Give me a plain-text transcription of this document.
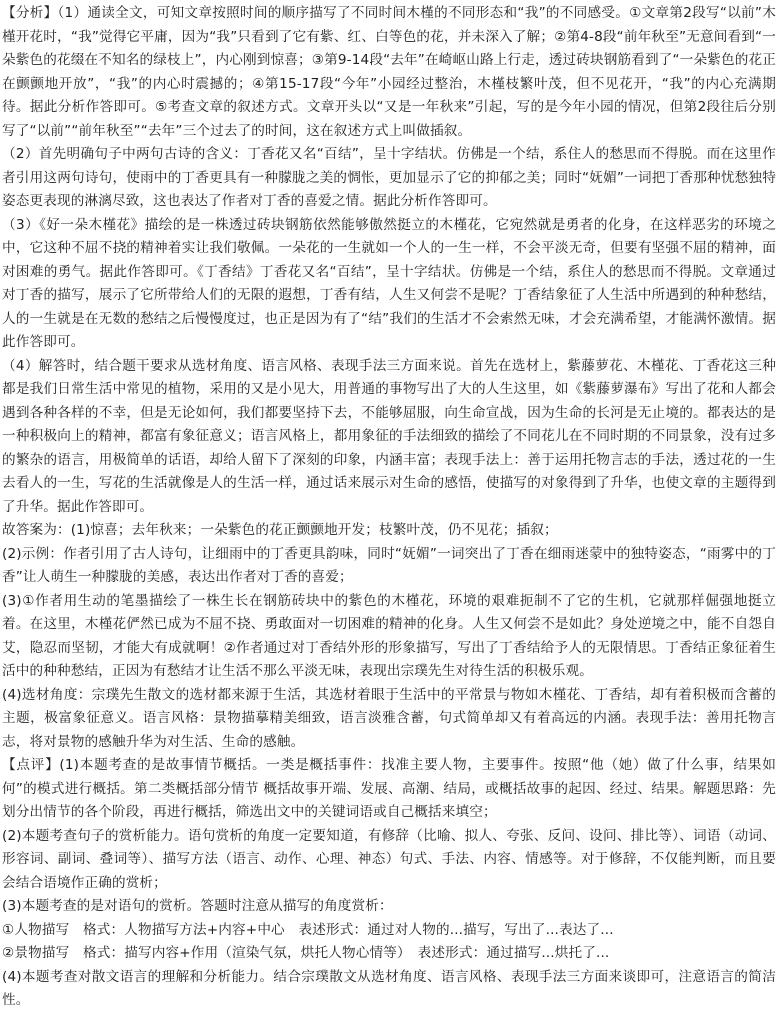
【分析】（1）通读全文，可知文章按照时间的顺序描写了不同时间木槿的不同形态和“我”的不同感受。①文章第2段写“以前”木槿开花时，“我”觉得它平庸，因为“我”只看到了它有紫、红、白等色的花，并未深入了解；②第4-8段“前年秋至”无意间看到“一朵紫色的花缀在不知名的绿枝上”，内心刚到惊喜；③第9-14段“去年”在崎岖山路上行走，透过砖块钢筋看到了“一朵紫色的花正在颤颤地开放”，“我”的内心时震撼的；④第15-17段“今年”小园经过整治，木槿枝繁叶茂，但不见花开，“我”的内心充满期待。据此分析作答即可。⑤考查文章的叙述方式。文章开头以“又是一年秋来”引起，写的是今年小园的情况，但第2段往后分别写了“以前”“前年秋至”“去年”三个过去了的时间，这在叙述方式上叫做插叙。

（2）首先明确句子中两句古诗的含义：丁香花又名“百结”，呈十字结状。仿佛是一个结，系住人的愁思而不得脱。而在这里作者引用这两句诗句，使雨中的丁香更具有一种朦胧之美的惆怅，更加显示了它的抑郁之美；同时“妩媚”一词把丁香那种忧愁独特姿态更表现的淋漓尽致，这也表达了作者对丁香的喜爱之情。据此分析作答即可。

（3）《好一朵木槿花》描绘的是一株透过砖块钢筋依然能够傲然挺立的木槿花，它宛然就是勇者的化身，在这样恶劣的环境之中，它这种不屈不挠的精神着实让我们敬佩。一朵花的一生就如一个人的一生一样，不会平淡无奇，但要有坚强不屈的精神，面对困难的勇气。据此作答即可。《丁香结》丁香花又名“百结”，呈十字结状。仿佛是一个结，系住人的愁思而不得脱。文章通过对丁香的描写，展示了它所带给人们的无限的遐想，丁香有结，人生又何尝不是呢？丁香结象征了人生活中所遇到的种种愁结，人的一生就是在无数的愁结之后慢慢度过，也正是因为有了“结”我们的生活才不会索然无味，才会充满希望，才能满怀激情。据此作答即可。

（4）解答时，结合题干要求从选材角度、语言风格、表现手法三方面来说。首先在选材上，紫藤萝花、木槿花、丁香花这三种都是我们日常生活中常见的植物，采用的又是小见大，用普通的事物写出了大的人生这里，如《紫藤萝瀑布》写出了花和人都会遇到各种各样的不幸，但是无论如何，我们都要坚持下去，不能够屈服，向生命宣战，因为生命的长河是无止境的。都表达的是一种积极向上的精神，都富有象征意义；语言风格上，都用象征的手法细致的描绘了不同花儿在不同时期的不同景象，没有过多的繁杂的语言，用极简单的话语，却给人留下了深刻的印象，内涵丰富；表现手法上：善于运用托物言志的手法，透过花的一生去看人的一生，写花的生活就像是人的生活一样，通过话来展示对生命的感悟，使描写的对象得到了升华，也使文章的主题得到了升华。据此作答即可。

故答案为：(1)惊喜；去年秋来；一朵紫色的花正颤颤地开发；枝繁叶茂，仍不见花；插叙；

(2)示例：作者引用了古人诗句，让细雨中的丁香更具韵味，同时“妩媚”一词突出了丁香在细雨迷蒙中的独特姿态，“雨雾中的丁香”让人萌生一种朦胧的美感，表达出作者对丁香的喜爱；

(3)①作者用生动的笔墨描绘了一株生长在钢筋砖块中的紫色的木槿花，环境的艰难扼制不了它的生机，它就那样倔强地挺立着。在这里，木槿花俨然已成为不屈不挠、勇敢面对一切困难的精神的化身。人生又何尝不是如此？身处逆境之中，能不自怨自艾，隐忍而坚韧，才能大有成就啊！②作者通过对丁香结外形的形象描写，写出了丁香结给予人的无限情思。丁香结正象征着生活中的种种愁结，正因为有愁结才让生活不那么平淡无味，表现出宗璞先生对待生活的积极乐观。

(4)选材角度：宗璞先生散文的选材都来源于生活，其选材着眼于生活中的平常景与物如木槿花、丁香结，却有着积极而含蓄的主题，极富象征意义。语言风格：景物描摹精美细致，语言淡雅含蓄，句式简单却又有着高远的内涵。表现手法：善用托物言志，将对景物的感触升华为对生活、生命的感触。

【点评】(1)本题考查的是故事情节概括。一类是概括事件：找准主要人物，主要事件。按照“他（她）做了什么事，结果如何”的模式进行概括。第二类概括部分情节 概括故事开端、发展、高潮、结局，或概括故事的起因、经过、结果。解题思路：先划分出情节的各个阶段，再进行概括，筛选出文中的关键词语或自己概括来填空；

(2)本题考查句子的赏析能力。语句赏析的角度一定要知道，有修辞（比喻、拟人、夸张、反问、设问、排比等）、词语（动词、形容词、副词、叠词等）、描写方法（语言、动作、心理、神态）句式、手法、内容、情感等。对于修辞，不仅能判断，而且要会结合语境作正确的赏析；

(3)本题考查的是对语句的赏析。答题时注意从描写的角度赏析：

①人物描写　格式：人物描写方法+内容+中心　表述形式：通过对人物的...描写，写出了...表达了...

②景物描写　格式：描写内容+作用（渲染气氛，烘托人物心情等）　表述形式：通过描写...烘托了...

(4)本题考查对散文语言的理解和分析能力。结合宗璞散文从选材角度、语言风格、表现手法三方面来谈即可，注意语言的简洁性。
